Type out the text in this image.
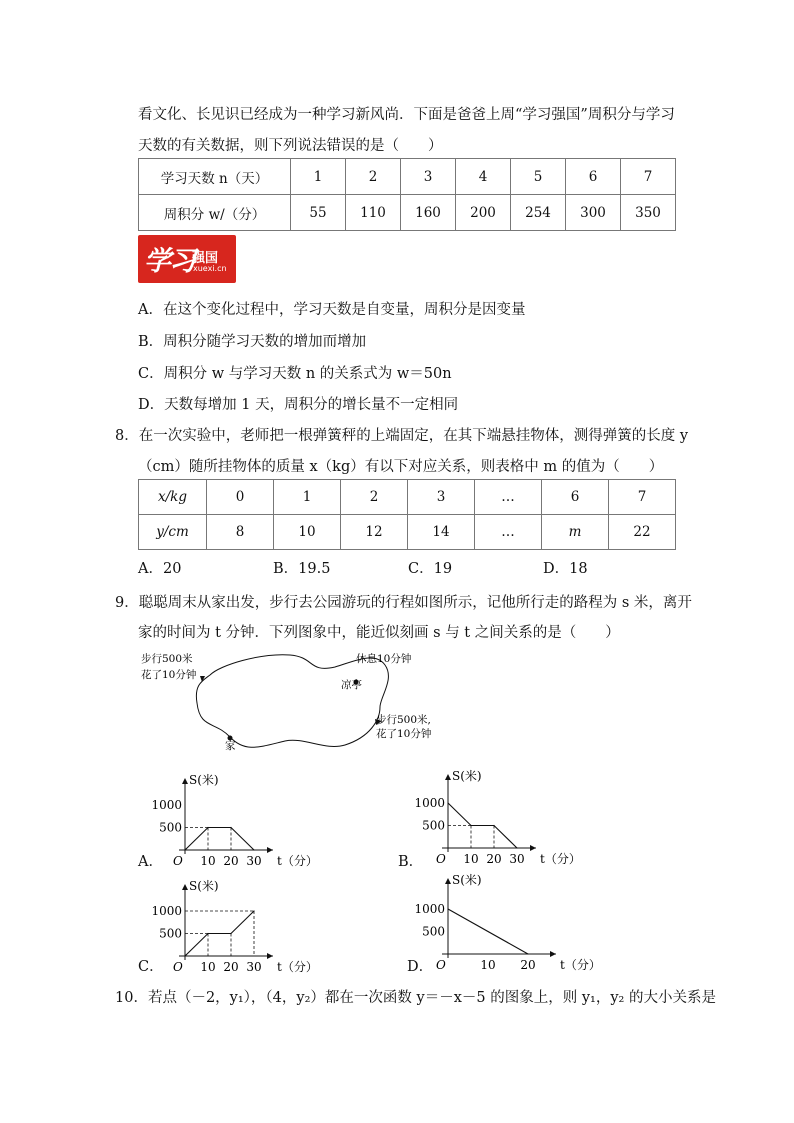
看文化、长见识已经成为一种学习新风尚．下面是爸爸上周“学习强国”周积分与学习
天数的有关数据，则下列说法错误的是（　　）
学习天数 n（天）	1	2	3	4	5	6	7
周积分 w/（分）	55	110	160	200	254	300	350
学习
强国
xuexi.cn
A．在这个变化过程中，学习天数是自变量，周积分是因变量
B．周积分随学习天数的增加而增加
C．周积分 w 与学习天数 n 的关系式为 w＝50n
D．天数每增加 1 天，周积分的增长量不一定相同
8．在一次实验中，老师把一根弹簧秤的上端固定，在其下端悬挂物体，测得弹簧的长度 y
（cm）随所挂物体的质量 x（kg）有以下对应关系，则表格中 m 的值为（　　）
x/kg	0	1	2	3	…	6	7
y/cm	8	10	12	14	…	m	22
A．20	B．19.5	C．19	D．18
9．聪聪周末从家出发，步行去公园游玩的行程如图所示，记他所行走的路程为 s 米，离开
家的时间为 t 分钟．下列图象中，能近似刻画 s 与 t 之间关系的是（　　）
步行500米
花了10分钟
休息10分钟
凉亭
步行500米,
花了10分钟
家
A．	B．
C．	D．
S(米)
t（分）
O
500
1000
10 20 30
S(米)
t（分）
O
500
1000
10 20 30
S(米)
t（分）
O
500
1000
10 20 30
S(米)
t（分）
O
500
1000
10 20
10．若点（－2，y₁），（4，y₂）都在一次函数 y＝－x－5 的图象上，则 y₁，y₂ 的大小关系是
